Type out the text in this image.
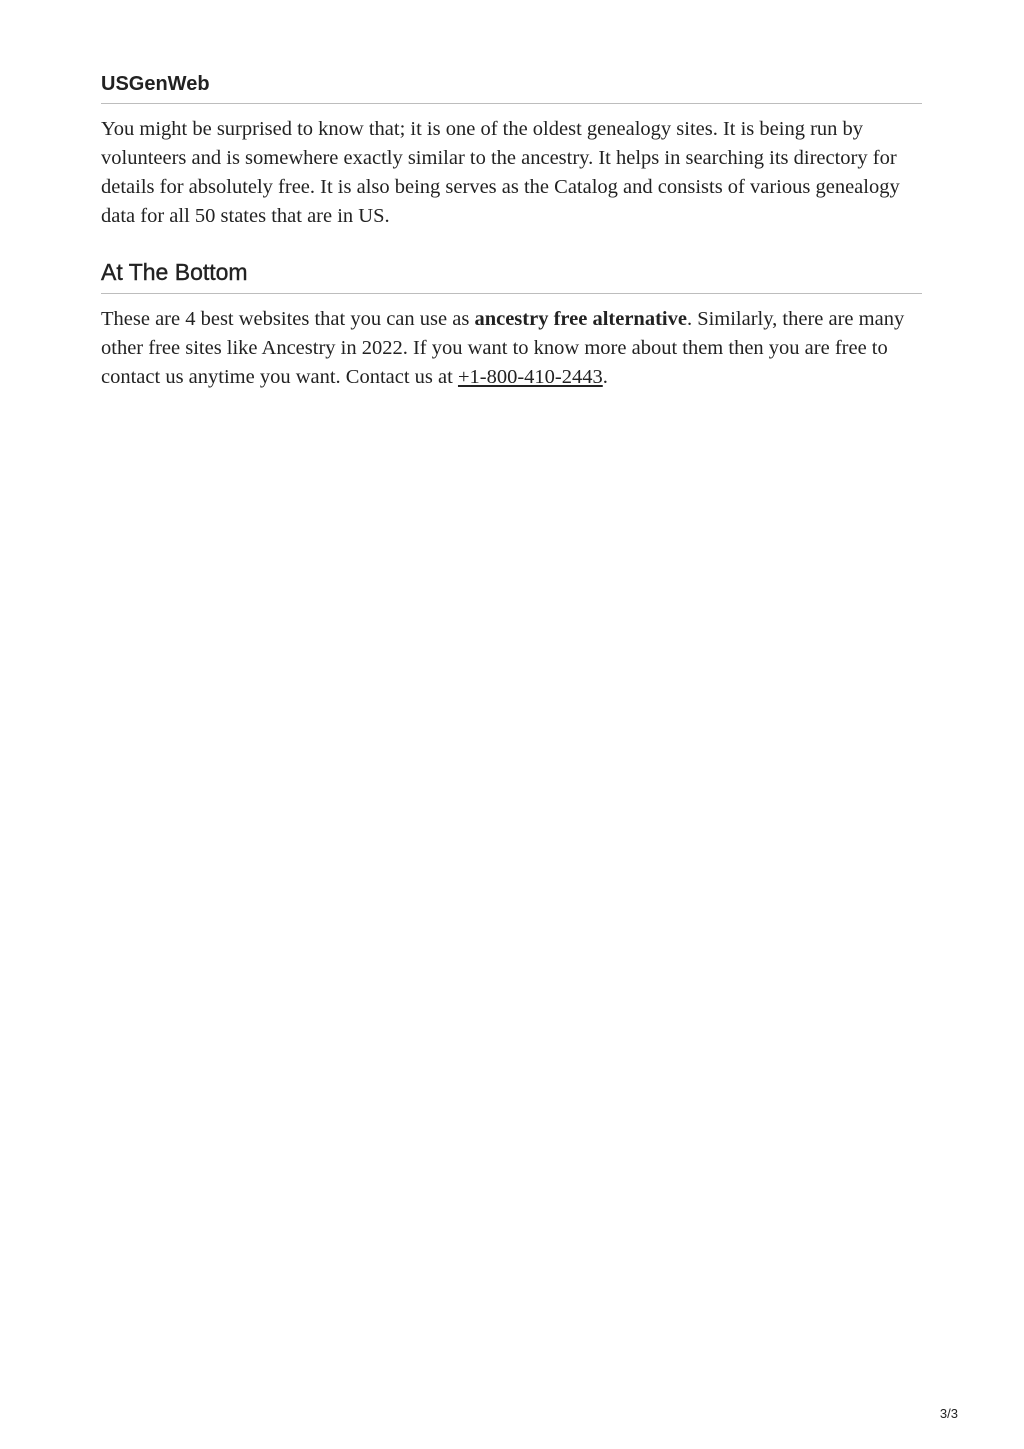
USGenWeb

You might be surprised to know that; it is one of the oldest genealogy sites. It is being run by volunteers and is somewhere exactly similar to the ancestry. It helps in searching its directory for details for absolutely free. It is also being serves as the Catalog and consists of various genealogy data for all 50 states that are in US.

At The Bottom

These are 4 best websites that you can use as ancestry free alternative. Similarly, there are many other free sites like Ancestry in 2022. If you want to know more about them then you are free to contact us anytime you want. Contact us at +1-800-410-2443.

3/3
